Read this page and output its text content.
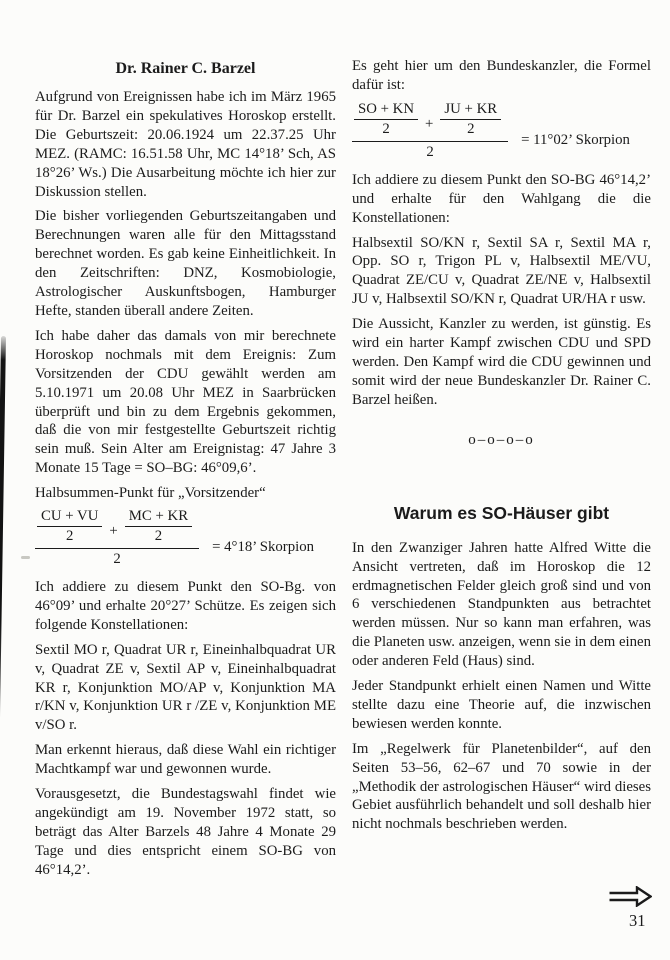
Dr. Rainer C. Barzel

Aufgrund von Ereignissen habe ich im März 1965 für Dr. Barzel ein spekulatives Horoskop erstellt. Die Geburtszeit: 20.06.1924 um 22.37.25 Uhr MEZ. (RAMC: 16.51.58 Uhr, MC 14°18’ Sch, AS 18°26’ Ws.) Die Ausarbeitung möchte ich hier zur Diskussion stellen.

Die bisher vorliegenden Geburtszeitangaben und Berechnungen waren alle für den Mittagsstand berechnet worden. Es gab keine Einheitlichkeit. In den Zeitschriften: DNZ, Kosmobiologie, Astrologischer Auskunftsbogen, Hamburger Hefte, standen überall andere Zeiten.

Ich habe daher das damals von mir berechnete Horoskop nochmals mit dem Ereignis: Zum Vorsitzenden der CDU gewählt werden am 5.10.1971 um 20.08 Uhr MEZ in Saarbrücken überprüft und bin zu dem Ergebnis gekommen, daß die von mir festgestellte Geburtszeit richtig sein muß. Sein Alter am Ereignistag: 47 Jahre 3 Monate 15 Tage = SO–BG: 46°09,6’.

Halbsummen-Punkt für „Vorsitzender“

CU + VU
$2 + \frac{MC + KR}{2}$
2
= 4°18’ Skorpion

Ich addiere zu diesem Punkt den SO-Bg. von 46°09’ und erhalte 20°27’ Schütze. Es zeigen sich folgende Konstellationen:

Sextil MO r, Quadrat UR r, Eineinhalbquadrat UR v, Quadrat ZE v, Sextil AP v, Eineinhalbquadrat KR r, Konjunktion MO/AP v, Konjunktion MA r/KN v, Konjunktion UR r /ZE v, Konjunktion ME v/SO r.

Man erkennt hieraus, daß diese Wahl ein richtiger Machtkampf war und gewonnen wurde.

Vorausgesetzt, die Bundestagswahl findet wie angekündigt am 19. November 1972 statt, so beträgt das Alter Barzels 48 Jahre 4 Monate 29 Tage und dies entspricht einem SO-BG von 46°14,2’.

Es geht hier um den Bundeskanzler, die Formel dafür ist:

SO + KN
$2 + \frac{JU + KR}{2}$
2
= 11°02’ Skorpion

Ich addiere zu diesem Punkt den SO-BG 46°14,2’ und erhalte für den Wahlgang die die Konstellationen:

Halbsextil SO/KN r, Sextil SA r, Sextil MA r, Opp. SO r, Trigon PL v, Halbsextil ME/VU, Quadrat ZE/CU v, Quadrat ZE/NE v, Halbsextil JU v, Halbsextil SO/KN r, Quadrat UR/HA r usw.

Die Aussicht, Kanzler zu werden, ist günstig. Es wird ein harter Kampf zwischen CDU und SPD werden. Den Kampf wird die CDU gewinnen und somit wird der neue Bundeskanzler Dr. Rainer C. Barzel heißen.

o–o–o–o
Warum es SO-Häuser gibt

In den Zwanziger Jahren hatte Alfred Witte die Ansicht vertreten, daß im Horoskop die 12 erdmagnetischen Felder gleich groß sind und von 6 verschiedenen Standpunkten aus betrachtet werden müssen. Nur so kann man erfahren, was die Planeten usw. anzeigen, wenn sie in dem einen oder anderen Feld (Haus) sind.

Jeder Standpunkt erhielt einen Namen und Witte stellte dazu eine Theorie auf, die inzwischen bewiesen werden konnte.

Im „Regelwerk für Planetenbilder“, auf den Seiten 53–56, 62–67 und 70 sowie in der „Methodik der astrologischen Häuser“ wird dieses Gebiet ausführlich behandelt und soll deshalb hier nicht nochmals beschrieben werden.

31
